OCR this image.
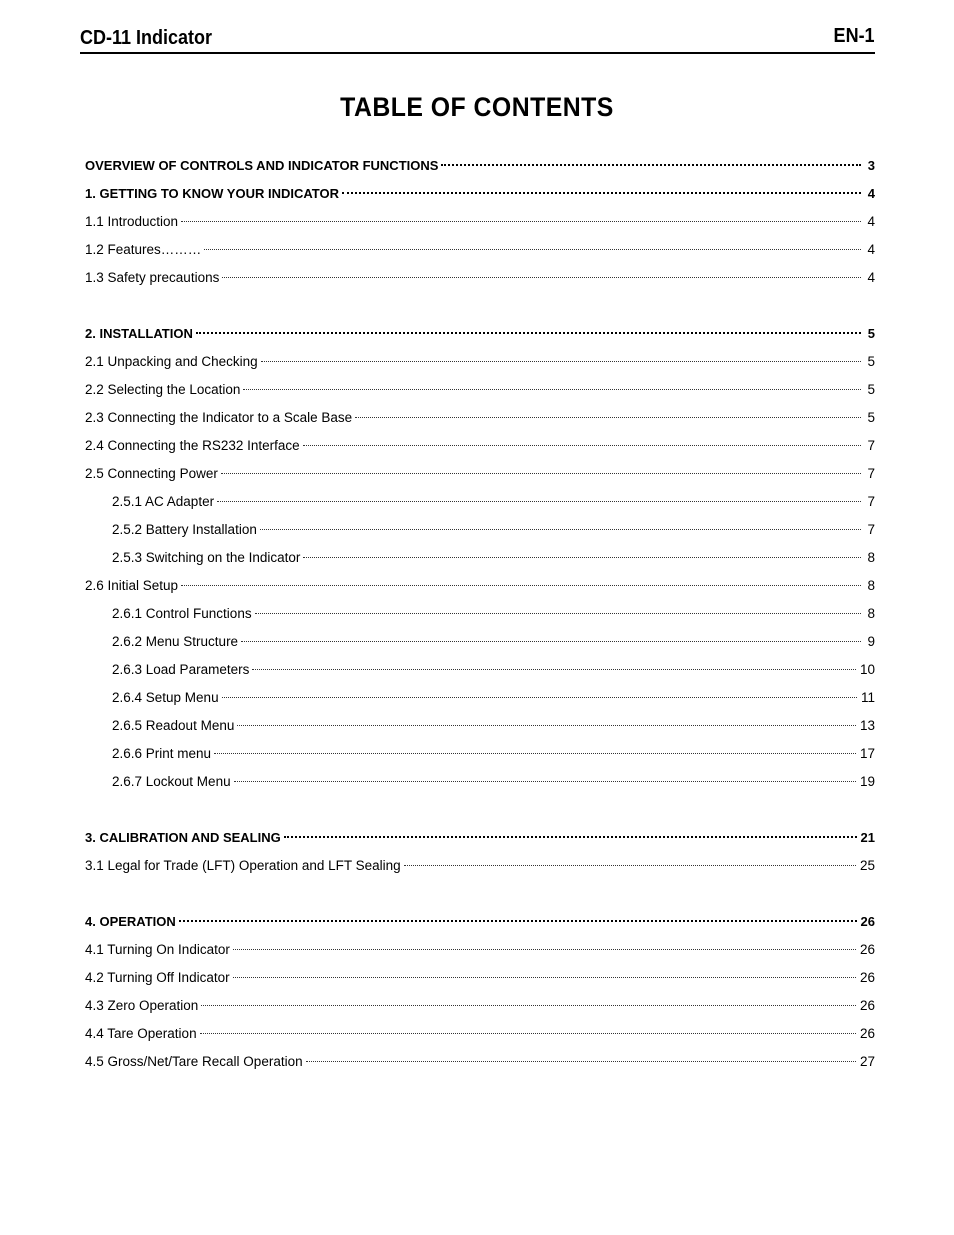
CD-11 Indicator	EN-1
TABLE OF CONTENTS
OVERVIEW OF CONTROLS AND INDICATOR FUNCTIONS	3
1. GETTING TO KNOW YOUR INDICATOR	4
1.1 Introduction	4
1.2 Features………	4
1.3 Safety precautions	4
2. INSTALLATION	5
2.1 Unpacking and Checking	5
2.2 Selecting the Location	5
2.3 Connecting the Indicator to a Scale Base	5
2.4 Connecting the RS232 Interface	7
2.5 Connecting Power	7
2.5.1 AC Adapter	7
2.5.2 Battery Installation	7
2.5.3 Switching on the Indicator	8
2.6 Initial Setup	8
2.6.1 Control Functions	8
2.6.2 Menu Structure	9
2.6.3 Load Parameters	10
2.6.4 Setup Menu	11
2.6.5 Readout Menu	13
2.6.6 Print menu	17
2.6.7 Lockout Menu	19
3. CALIBRATION AND SEALING	21
3.1 Legal for Trade (LFT) Operation and LFT Sealing	25
4. OPERATION	26
4.1 Turning On Indicator	26
4.2 Turning Off Indicator	26
4.3 Zero Operation	26
4.4 Tare Operation	26
4.5 Gross/Net/Tare Recall Operation	27
